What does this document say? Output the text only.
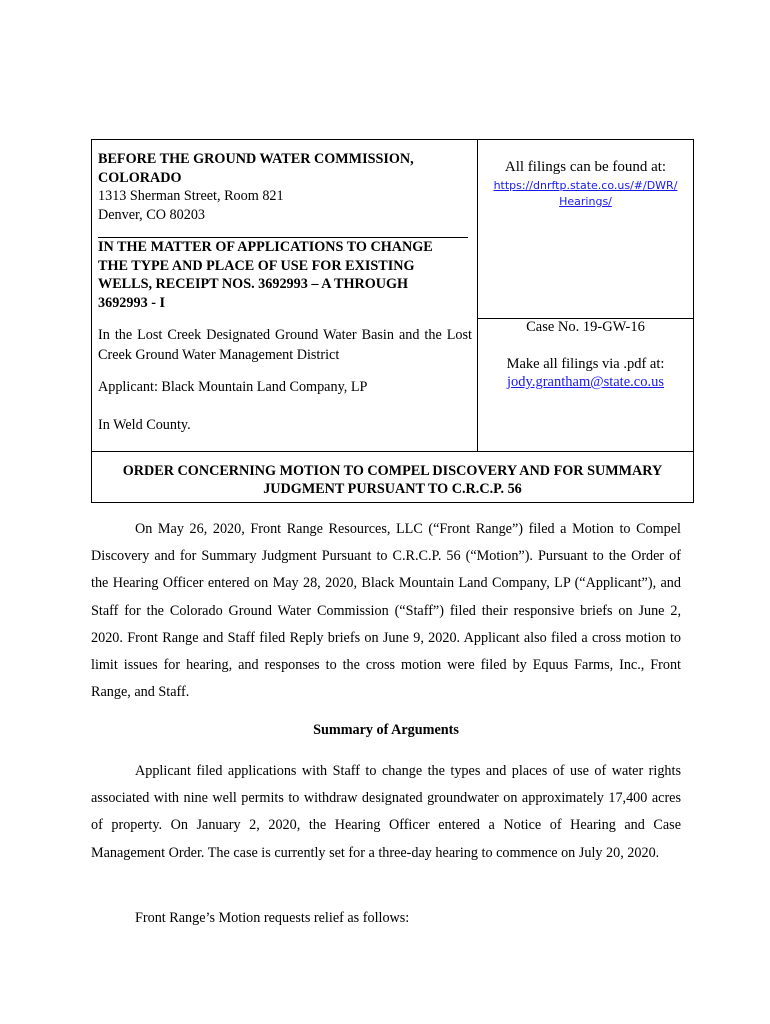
BEFORE THE GROUND WATER COMMISSION,
COLORADO
1313 Sherman Street, Room 821
Denver, CO 80203
IN THE MATTER OF APPLICATIONS TO CHANGE
THE TYPE AND PLACE OF USE FOR EXISTING
WELLS, RECEIPT NOS. 3692993 – A THROUGH
3692993 - I
In the Lost Creek Designated Ground Water Basin and the Lost Creek Ground Water Management District
Applicant: Black Mountain Land Company, LP
In Weld County.
All filings can be found at:
https://dnrftp.state.co.us/#/DWR/
Hearings/
Case No. 19-GW-16
Make all filings via .pdf at:
jody.grantham@state.co.us
ORDER CONCERNING MOTION TO COMPEL DISCOVERY AND FOR SUMMARY
JUDGMENT PURSUANT TO C.R.C.P. 56

On May 26, 2020, Front Range Resources, LLC (“Front Range”) filed a Motion to Compel Discovery and for Summary Judgment Pursuant to C.R.C.P. 56 (“Motion”). Pursuant to the Order of the Hearing Officer entered on May 28, 2020, Black Mountain Land Company, LP (“Applicant”), and Staff for the Colorado Ground Water Commission (“Staff”) filed their responsive briefs on June 2, 2020. Front Range and Staff filed Reply briefs on June 9, 2020. Applicant also filed a cross motion to limit issues for hearing, and responses to the cross motion were filed by Equus Farms, Inc., Front Range, and Staff.

Summary of Arguments

Applicant filed applications with Staff to change the types and places of use of water rights associated with nine well permits to withdraw designated groundwater on approximately 17,400 acres of property. On January 2, 2020, the Hearing Officer entered a Notice of Hearing and Case Management Order. The case is currently set for a three-day hearing to commence on July 20, 2020.

Front Range’s Motion requests relief as follows:
